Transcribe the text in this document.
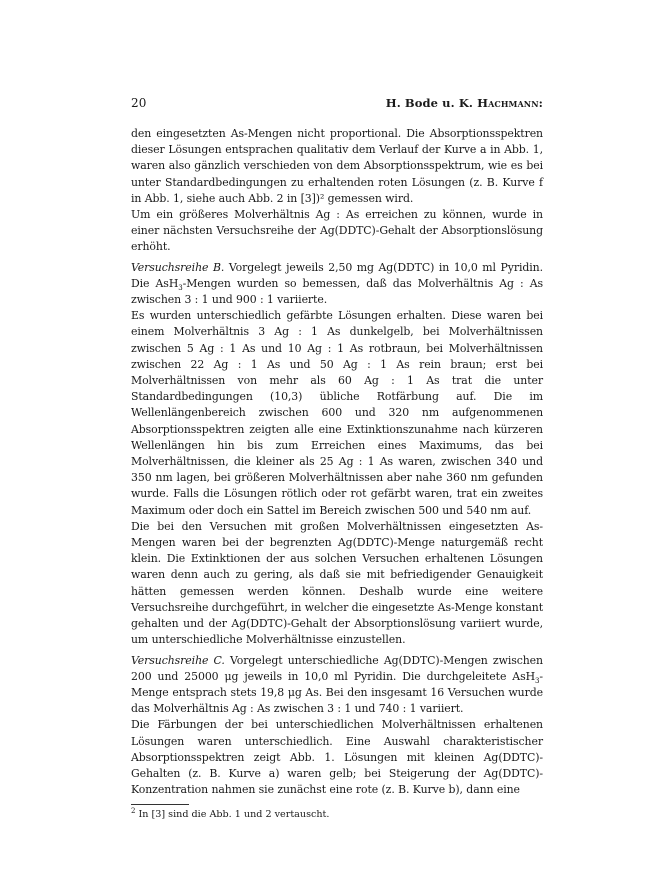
20	H. Bode u. K. Hachmann:

den eingesetzten As-Mengen nicht proportional. Die Absorptionsspektren dieser Lösungen entsprachen qualitativ dem Verlauf der Kurve a in Abb. 1, waren also gänzlich verschieden von dem Absorptionsspektrum, wie es bei unter Standardbedingungen zu erhaltenden roten Lösungen (z. B. Kurve f in Abb. 1, siehe auch Abb. 2 in [3])² gemessen wird.

Um ein größeres Molverhältnis Ag : As erreichen zu können, wurde in einer nächsten Versuchsreihe der Ag(DDTC)-Gehalt der Absorptionslösung erhöht.

Versuchsreihe B. Vorgelegt jeweils 2,50 mg Ag(DDTC) in 10,0 ml Pyridin. Die AsH$_3$-Mengen wurden so bemessen, daß das Molverhältnis Ag : As zwischen 3 : 1 und 900 : 1 variierte.

Es wurden unterschiedlich gefärbte Lösungen erhalten. Diese waren bei einem Molverhältnis 3 Ag : 1 As dunkelgelb, bei Molverhältnissen zwischen 5 Ag : 1 As und 10 Ag : 1 As rotbraun, bei Molverhältnissen zwischen 22 Ag : 1 As und 50 Ag : 1 As rein braun; erst bei Molverhältnissen von mehr als 60 Ag : 1 As trat die unter Standardbedingungen (10,3) übliche Rotfärbung auf. Die im Wellenlängenbereich zwischen 600 und 320 nm aufgenommenen Absorptionsspektren zeigten alle eine Extinktionszunahme nach kürzeren Wellenlängen hin bis zum Erreichen eines Maximums, das bei Molverhältnissen, die kleiner als 25 Ag : 1 As waren, zwischen 340 und 350 nm lagen, bei größeren Molverhältnissen aber nahe 360 nm gefunden wurde. Falls die Lösungen rötlich oder rot gefärbt waren, trat ein zweites Maximum oder doch ein Sattel im Bereich zwischen 500 und 540 nm auf.

Die bei den Versuchen mit großen Molverhältnissen eingesetzten As-Mengen waren bei der begrenzten Ag(DDTC)-Menge naturgemäß recht klein. Die Extinktionen der aus solchen Versuchen erhaltenen Lösungen waren denn auch zu gering, als daß sie mit befriedigender Genauigkeit hätten gemessen werden können. Deshalb wurde eine weitere Versuchsreihe durchgeführt, in welcher die eingesetzte As-Menge konstant gehalten und der Ag(DDTC)-Gehalt der Absorptionslösung variiert wurde, um unterschiedliche Molverhältnisse einzustellen.

Versuchsreihe C. Vorgelegt unterschiedliche Ag(DDTC)-Mengen zwischen 200 und 25000 μg jeweils in 10,0 ml Pyridin. Die durchgeleitete AsH$_3$-Menge entsprach stets 19,8 μg As. Bei den insgesamt 16 Versuchen wurde das Molverhältnis Ag : As zwischen 3 : 1 und 740 : 1 variiert.

Die Färbungen der bei unterschiedlichen Molverhältnissen erhaltenen Lösungen waren unterschiedlich. Eine Auswahl charakteristischer Absorptionsspektren zeigt Abb. 1. Lösungen mit kleinen Ag(DDTC)-Gehalten (z. B. Kurve a) waren gelb; bei Steigerung der Ag(DDTC)-Konzentration nahmen sie zunächst eine rote (z. B. Kurve b), dann eine

$^2$ In [3] sind die Abb. 1 und 2 vertauscht.
